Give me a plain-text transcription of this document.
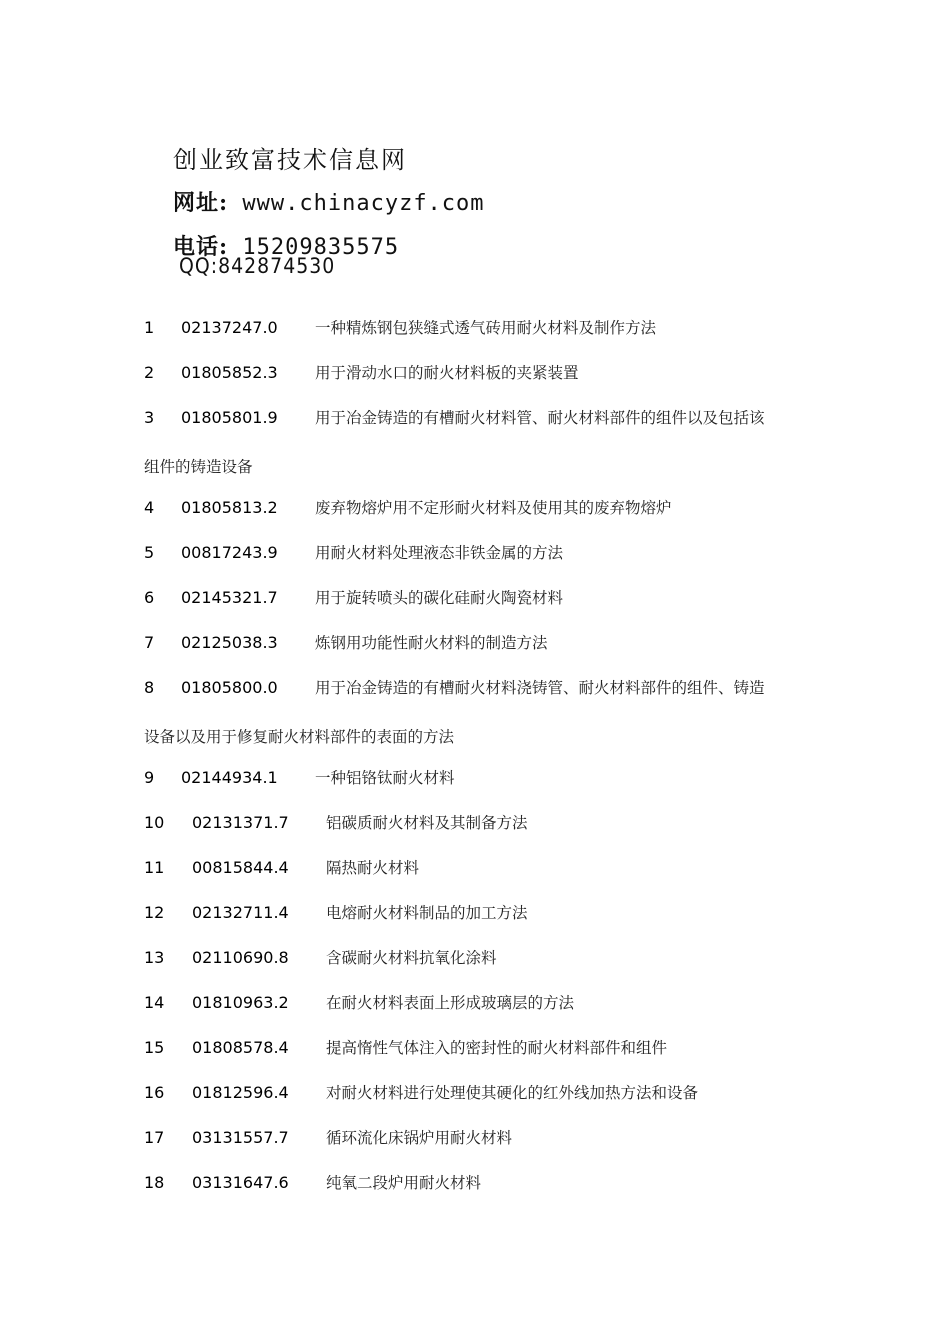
创业致富技术信息网
网址: www.chinacyzf.com
电话: 15209835575
QQ:842874530
1 02137247.0 一种精炼钢包狭缝式透气砖用耐火材料及制作方法
2 01805852.3 用于滑动水口的耐火材料板的夹紧装置
3 01805801.9 用于冶金铸造的有槽耐火材料管、耐火材料部件的组件以及包括该
组件的铸造设备
4 01805813.2 废弃物熔炉用不定形耐火材料及使用其的废弃物熔炉
5 00817243.9 用耐火材料处理液态非铁金属的方法
6 02145321.7 用于旋转喷头的碳化硅耐火陶瓷材料
7 02125038.3 炼钢用功能性耐火材料的制造方法
8 01805800.0 用于冶金铸造的有槽耐火材料浇铸管、耐火材料部件的组件、铸造
设备以及用于修复耐火材料部件的表面的方法
9 02144934.1 一种铝铬钛耐火材料
10 02131371.7 铝碳质耐火材料及其制备方法
11 00815844.4 隔热耐火材料
12 02132711.4 电熔耐火材料制品的加工方法
13 02110690.8 含碳耐火材料抗氧化涂料
14 01810963.2 在耐火材料表面上形成玻璃层的方法
15 01808578.4 提高惰性气体注入的密封性的耐火材料部件和组件
16 01812596.4 对耐火材料进行处理使其硬化的红外线加热方法和设备
17 03131557.7 循环流化床锅炉用耐火材料
18 03131647.6 纯氧二段炉用耐火材料
